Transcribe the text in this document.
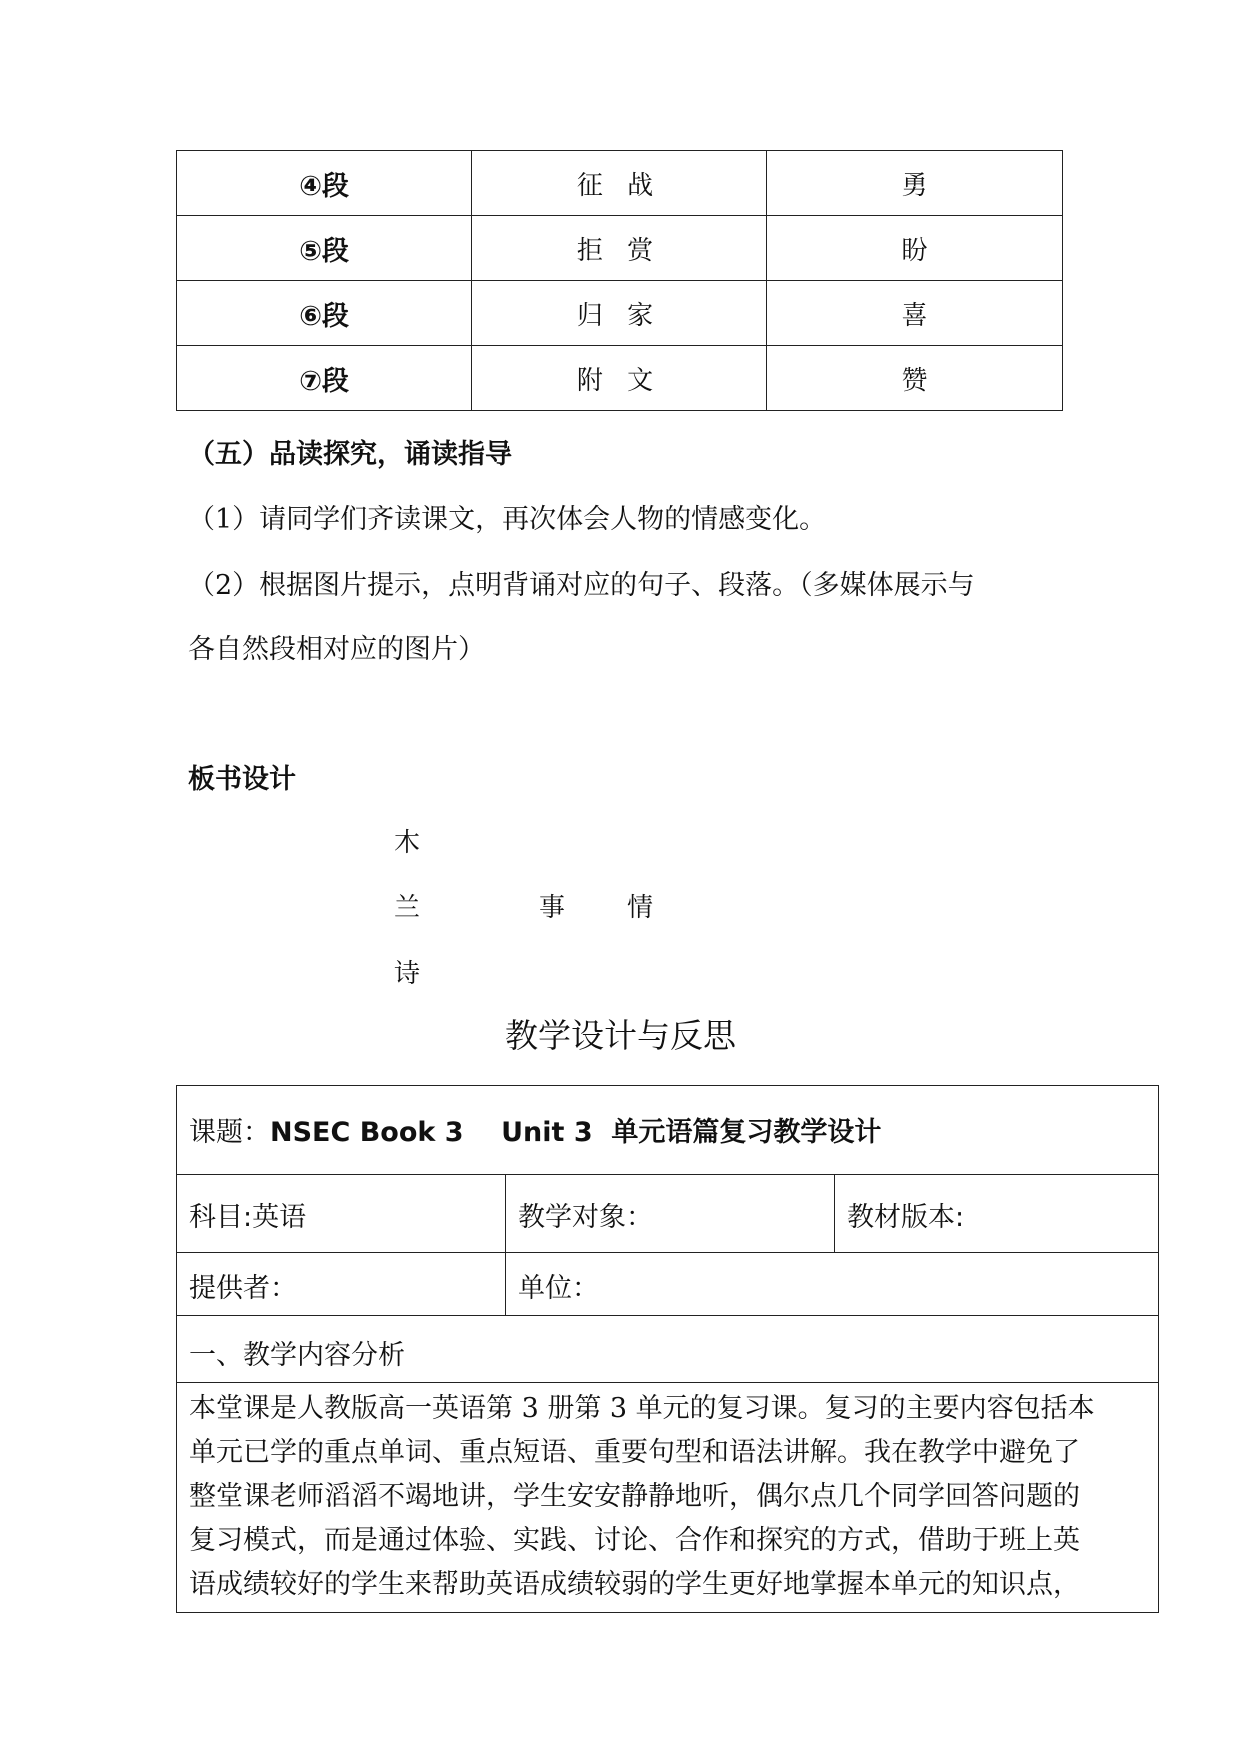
④段	征 战	勇
⑤段	拒 赏	盼
⑥段	归 家	喜
⑦段	附 文	赞
（五）品读探究，诵读指导
（1）请同学们齐读课文，再次体会人物的情感变化。
（2）根据图片提示，点明背诵对应的句子、段落。（多媒体展示与
各自然段相对应的图片）
板书设计
木
兰
诗
事 情
教学设计与反思
课题：NSEC Book 3    Unit 3  单元语篇复习教学设计
科目:英语	教学对象：	教材版本:
提供者：	单位：
一、教学内容分析
本堂课是人教版高一英语第 3 册第 3 单元的复习课。复习的主要内容包括本
单元已学的重点单词、重点短语、重要句型和语法讲解。我在教学中避免了
整堂课老师滔滔不竭地讲，学生安安静静地听，偶尔点几个同学回答问题的
复习模式，而是通过体验、实践、讨论、合作和探究的方式，借助于班上英
语成绩较好的学生来帮助英语成绩较弱的学生更好地掌握本单元的知识点，
